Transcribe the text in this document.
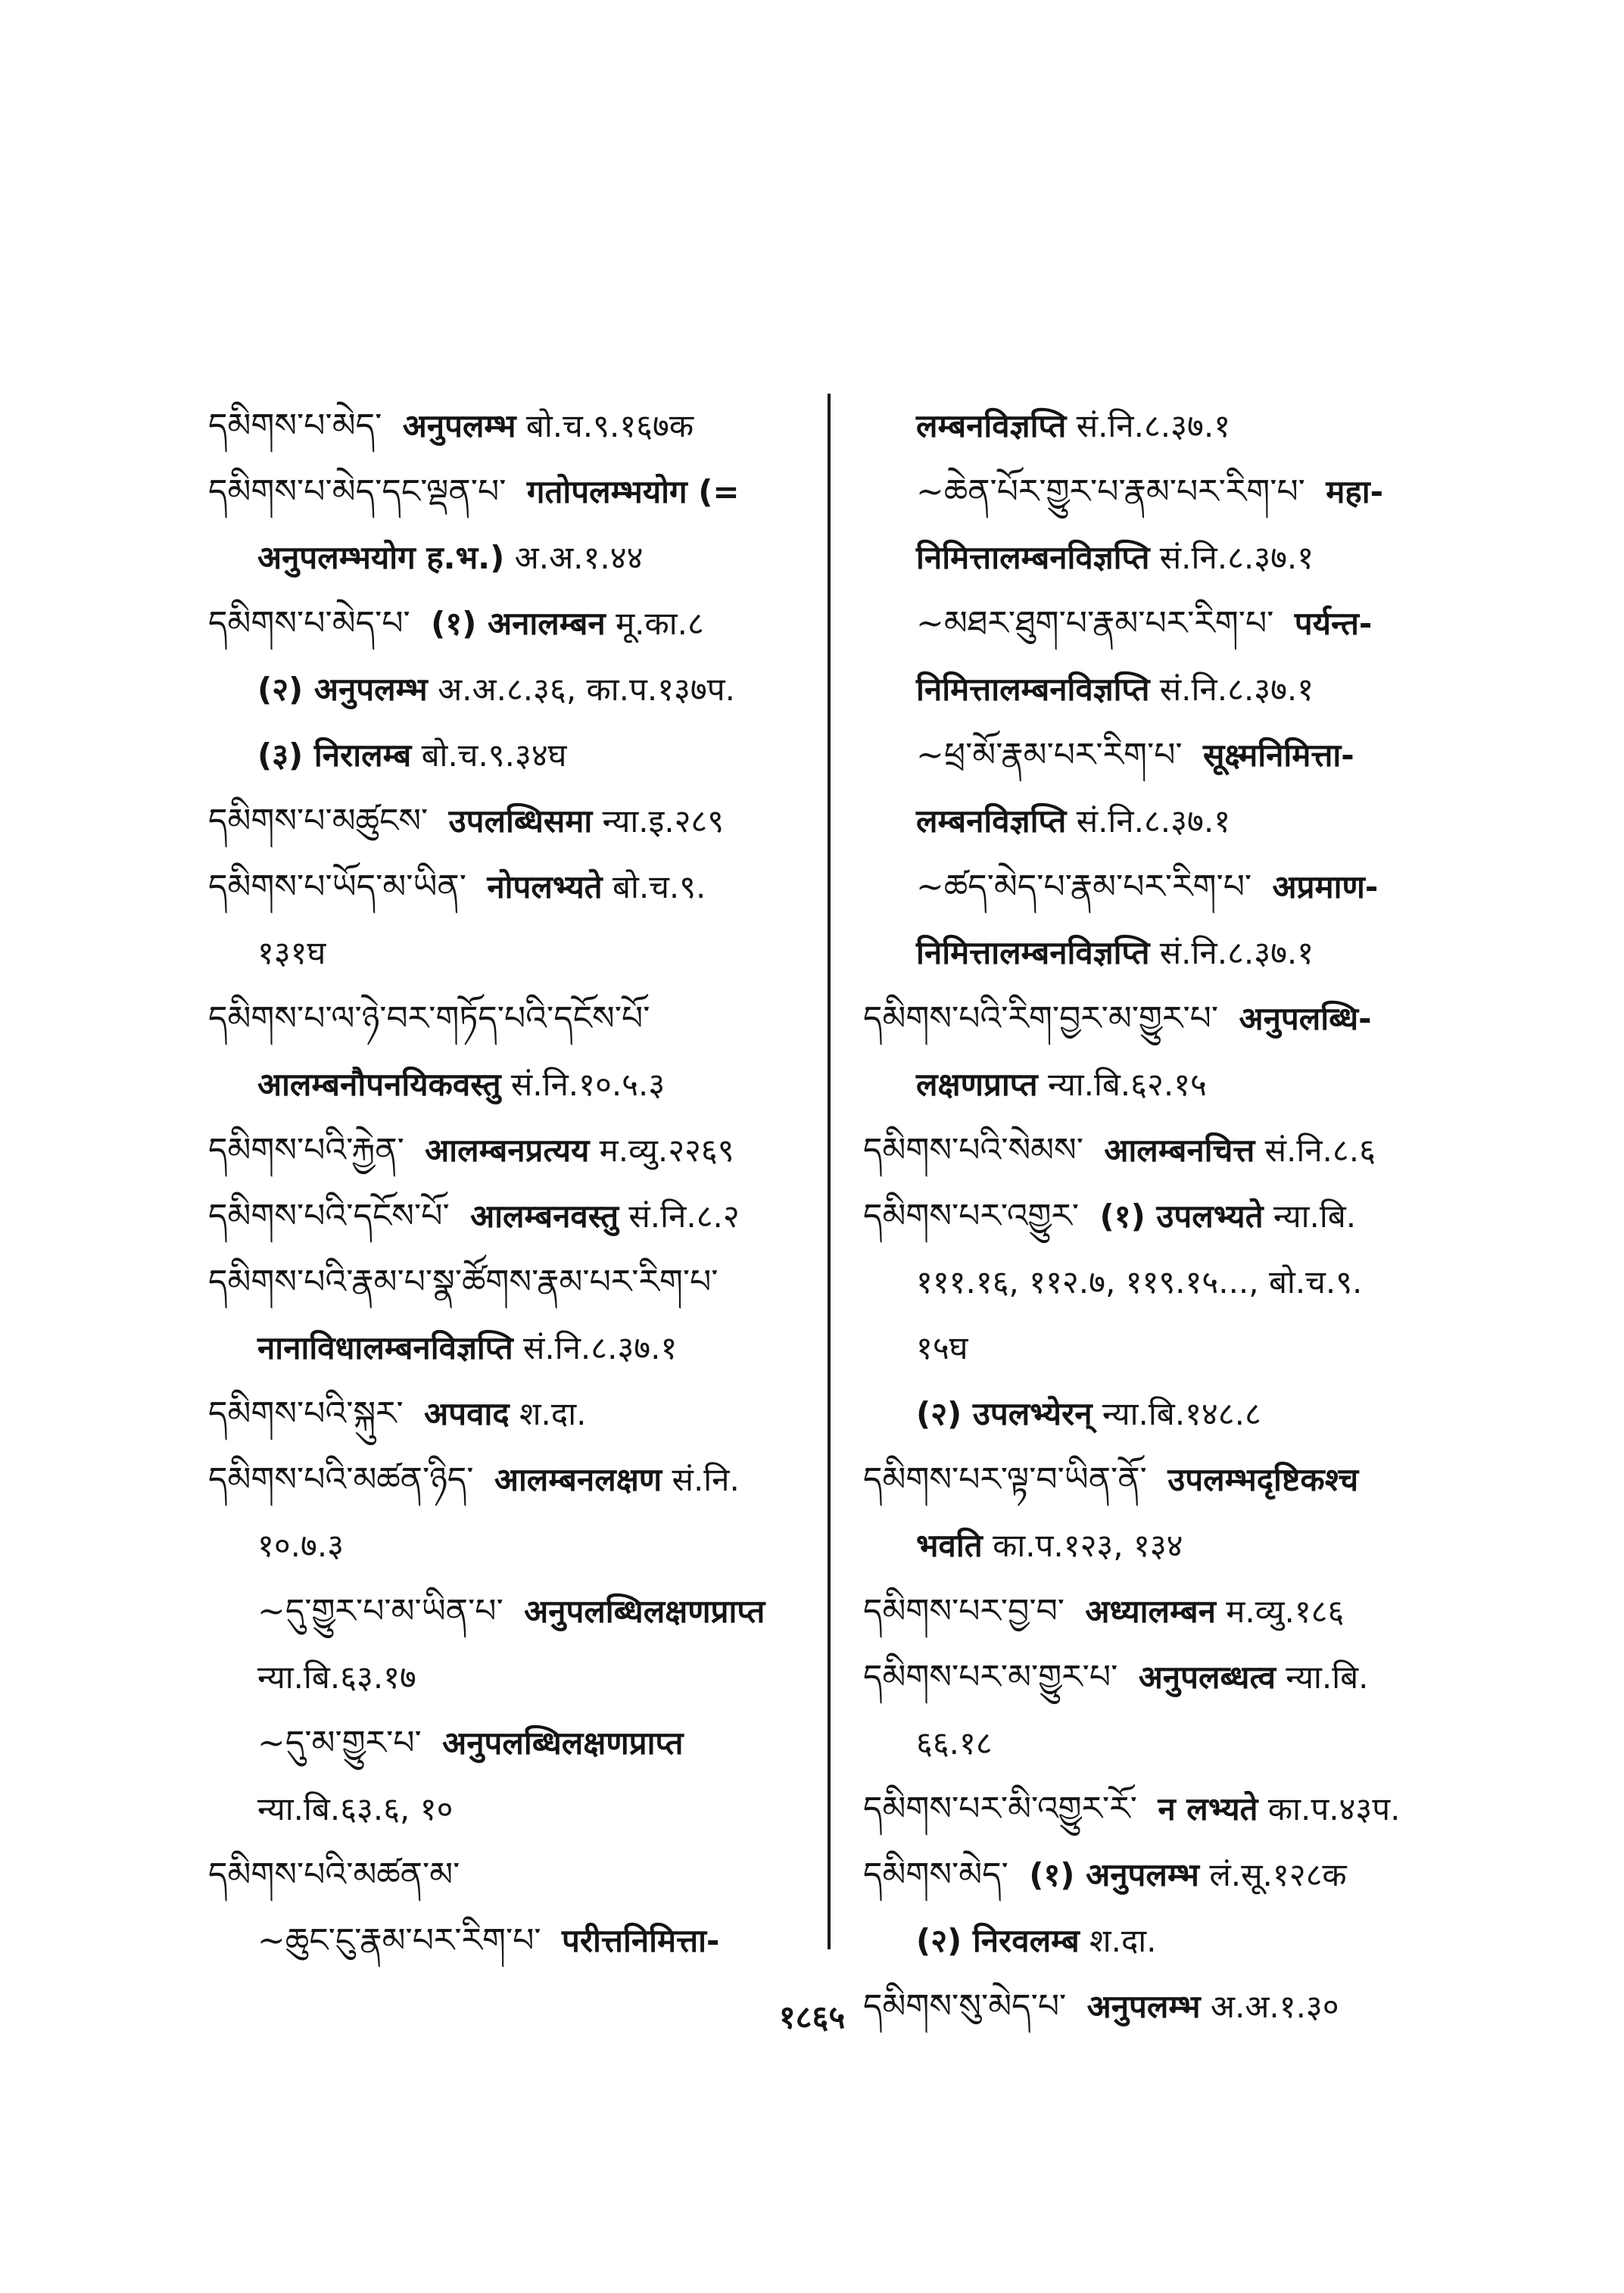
དམིགས་པ་མེད་ अनुपलम्भ बो.च.९.१६७क
དམིགས་པ་མེད་དང་ལྡན་པ་ गतोपलम्भयोग (=
अनुपलम्भयोग ह.भ.) अ.अ.१.४४
དམིགས་པ་མེད་པ་ (१) अनालम्बन मू.का.८
(२) अनुपलम्भ अ.अ.८.३६, का.प.१३७प.
(३) निरालम्ब बो.च.९.३४घ
དམིགས་པ་མཚུངས་ उपलब्धिसमा न्या.इ.२८९
དམིགས་པ་ཡོད་མ་ཡིན་ नोपलभ्यते बो.च.९.
१३१घ
དམིགས་པ་ལ་ཉེ་བར་གཏོད་པའི་དངོས་པོ་
आलम्बनौपनयिकवस्तु सं.नि.१०.५.३
དམིགས་པའི་རྐྱེན་ आलम्बनप्रत्यय म.व्यु.२२६९
དམིགས་པའི་དངོས་པོ་ आलम्बनवस्तु सं.नि.८.२
དམིགས་པའི་རྣམ་པ་སྣ་ཚོགས་རྣམ་པར་རིག་པ་
नानाविधालम्बनविज्ञप्ति सं.नि.८.३७.१
དམིགས་པའི་སྐུར་ अपवाद श.दा.
དམིགས་པའི་མཚན་ཉིད་ आलम्बनलक्षण सं.नि.
१०.७.३
~དུ་གྱུར་པ་མ་ཡིན་པ་ अनुपलब्धिलक्षणप्राप्त
न्या.बि.६३.१७
~དུ་མ་གྱུར་པ་ अनुपलब्धिलक्षणप्राप्त
न्या.बि.६३.६, १०
དམིགས་པའི་མཚན་མ་
~ཆུང་ངུ་རྣམ་པར་རིག་པ་ परीत्तनिमित्ता-
लम्बनविज्ञप्ति सं.नि.८.३७.१
~ཆེན་པོར་གྱུར་པ་རྣམ་པར་རིག་པ་ महा-
निमित्तालम्बनविज्ञप्ति सं.नि.८.३७.१
~མཐར་ཐུག་པ་རྣམ་པར་རིག་པ་ पर्यन्त-
निमित्तालम्बनविज्ञप्ति सं.नि.८.३७.१
~ཕྲ་མོ་རྣམ་པར་རིག་པ་ सूक्ष्मनिमित्ता-
लम्बनविज्ञप्ति सं.नि.८.३७.१
~ཚད་མེད་པ་རྣམ་པར་རིག་པ་ अप्रमाण-
निमित्तालम्बनविज्ञप्ति सं.नि.८.३७.१
དམིགས་པའི་རིག་བྱར་མ་གྱུར་པ་ अनुपलब्धि-
लक्षणप्राप्त न्या.बि.६२.१५
དམིགས་པའི་སེམས་ आलम्बनचित्त सं.नि.८.६
དམིགས་པར་འགྱུར་ (१) उपलभ्यते न्या.बि.
१११.१६, ११२.७, ११९.१५..., बो.च.९.
१५घ
(२) उपलभ्येरन् न्या.बि.१४८.८
དམིགས་པར་ལྟ་བ་ཡིན་ནོ་ उपलम्भदृष्टिकश्च
भवति का.प.१२३, १३४
དམིགས་པར་བྱ་བ་ अध्यालम्बन म.व्यु.१८६
དམིགས་པར་མ་གྱུར་པ་ अनुपलब्धत्व न्या.बि.
६६.१८
དམིགས་པར་མི་འགྱུར་རོ་ न लभ्यते का.प.४३प.
དམིགས་མེད་ (१) अनुपलम्भ लं.सू.१२८क
(२) निरवलम्ब श.दा.
དམིགས་སུ་མེད་པ་ अनुपलम्भ अ.अ.१.३०
१८६५
